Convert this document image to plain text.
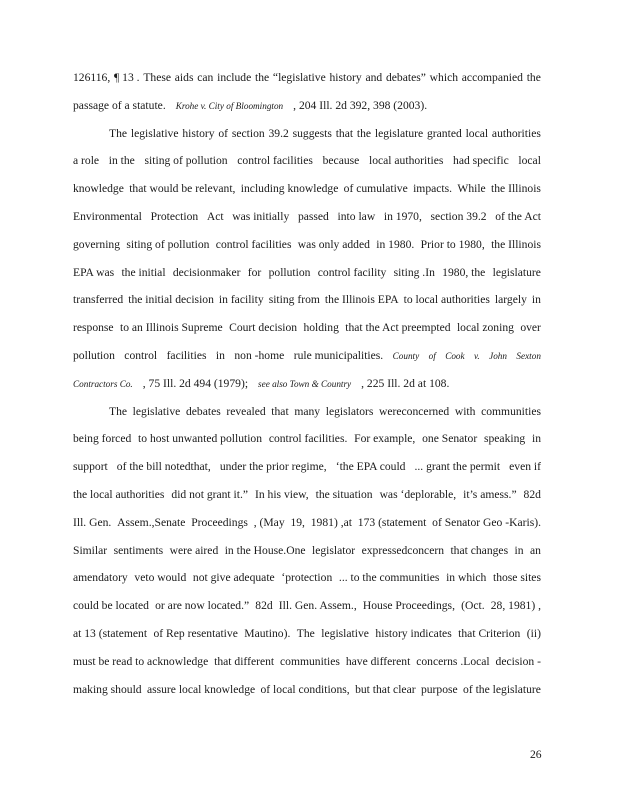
126116, ¶ 13 . These aids can include the “legislative history and debates” which accompanied the
passage of a statute. Krohe v. City of Bloomington , 204 Ill. 2d 392, 398 (2003).
The legislative history of section 39.2 suggests that the legislature granted local authorities
a role in the siting of pollution control facilities because local authorities had specific local
knowledge that would be relevant, including knowledge of cumulative impacts. While the Illinois
Environmental Protection Act was initially passed into law in 1970, section 39.2 of the Act
governing siting of pollution control facilities was only added in 1980. Prior to 1980, the Illinois
EPA was the initial decisionmaker for pollution control facility siting .In 1980, the legislature
transferred the initial decision in facility siting from the Illinois EPA to local authorities largely in
response to an Illinois Supreme Court decision holding that the Act preempted local zoning over
pollution control facilities in non -home rule municipalities. County of Cook v. John Sexton
Contractors Co. , 75 Ill. 2d 494 (1979); see also Town & Country , 225 Ill. 2d at 108.
The legislative debates revealed that many legislators wereconcerned with communities
being forced to host unwanted pollution control facilities. For example, one Senator speaking in
support of the bill notedthat, under the prior regime, ‘the EPA could ... grant the permit even if
the local authorities did not grant it.” In his view, the situation was ‘deplorable, it’s amess.” 82d
Ill. Gen. Assem.,Senate Proceedings , (May 19, 1981) ,at 173 (statement of Senator Geo -Karis).
Similar sentiments were aired in the House.One legislator expressedconcern that changes in an
amendatory veto would not give adequate ‘protection ... to the communities in which those sites
could be located or are now located.” 82d Ill. Gen. Assem., House Proceedings, (Oct. 28, 1981) ,
at 13 (statement of Rep resentative Mautino). The legislative history indicates that Criterion (ii)
must be read to acknowledge that different communities have different concerns .Local decision -
making should assure local knowledge of local conditions, but that clear purpose of the legislature
26
